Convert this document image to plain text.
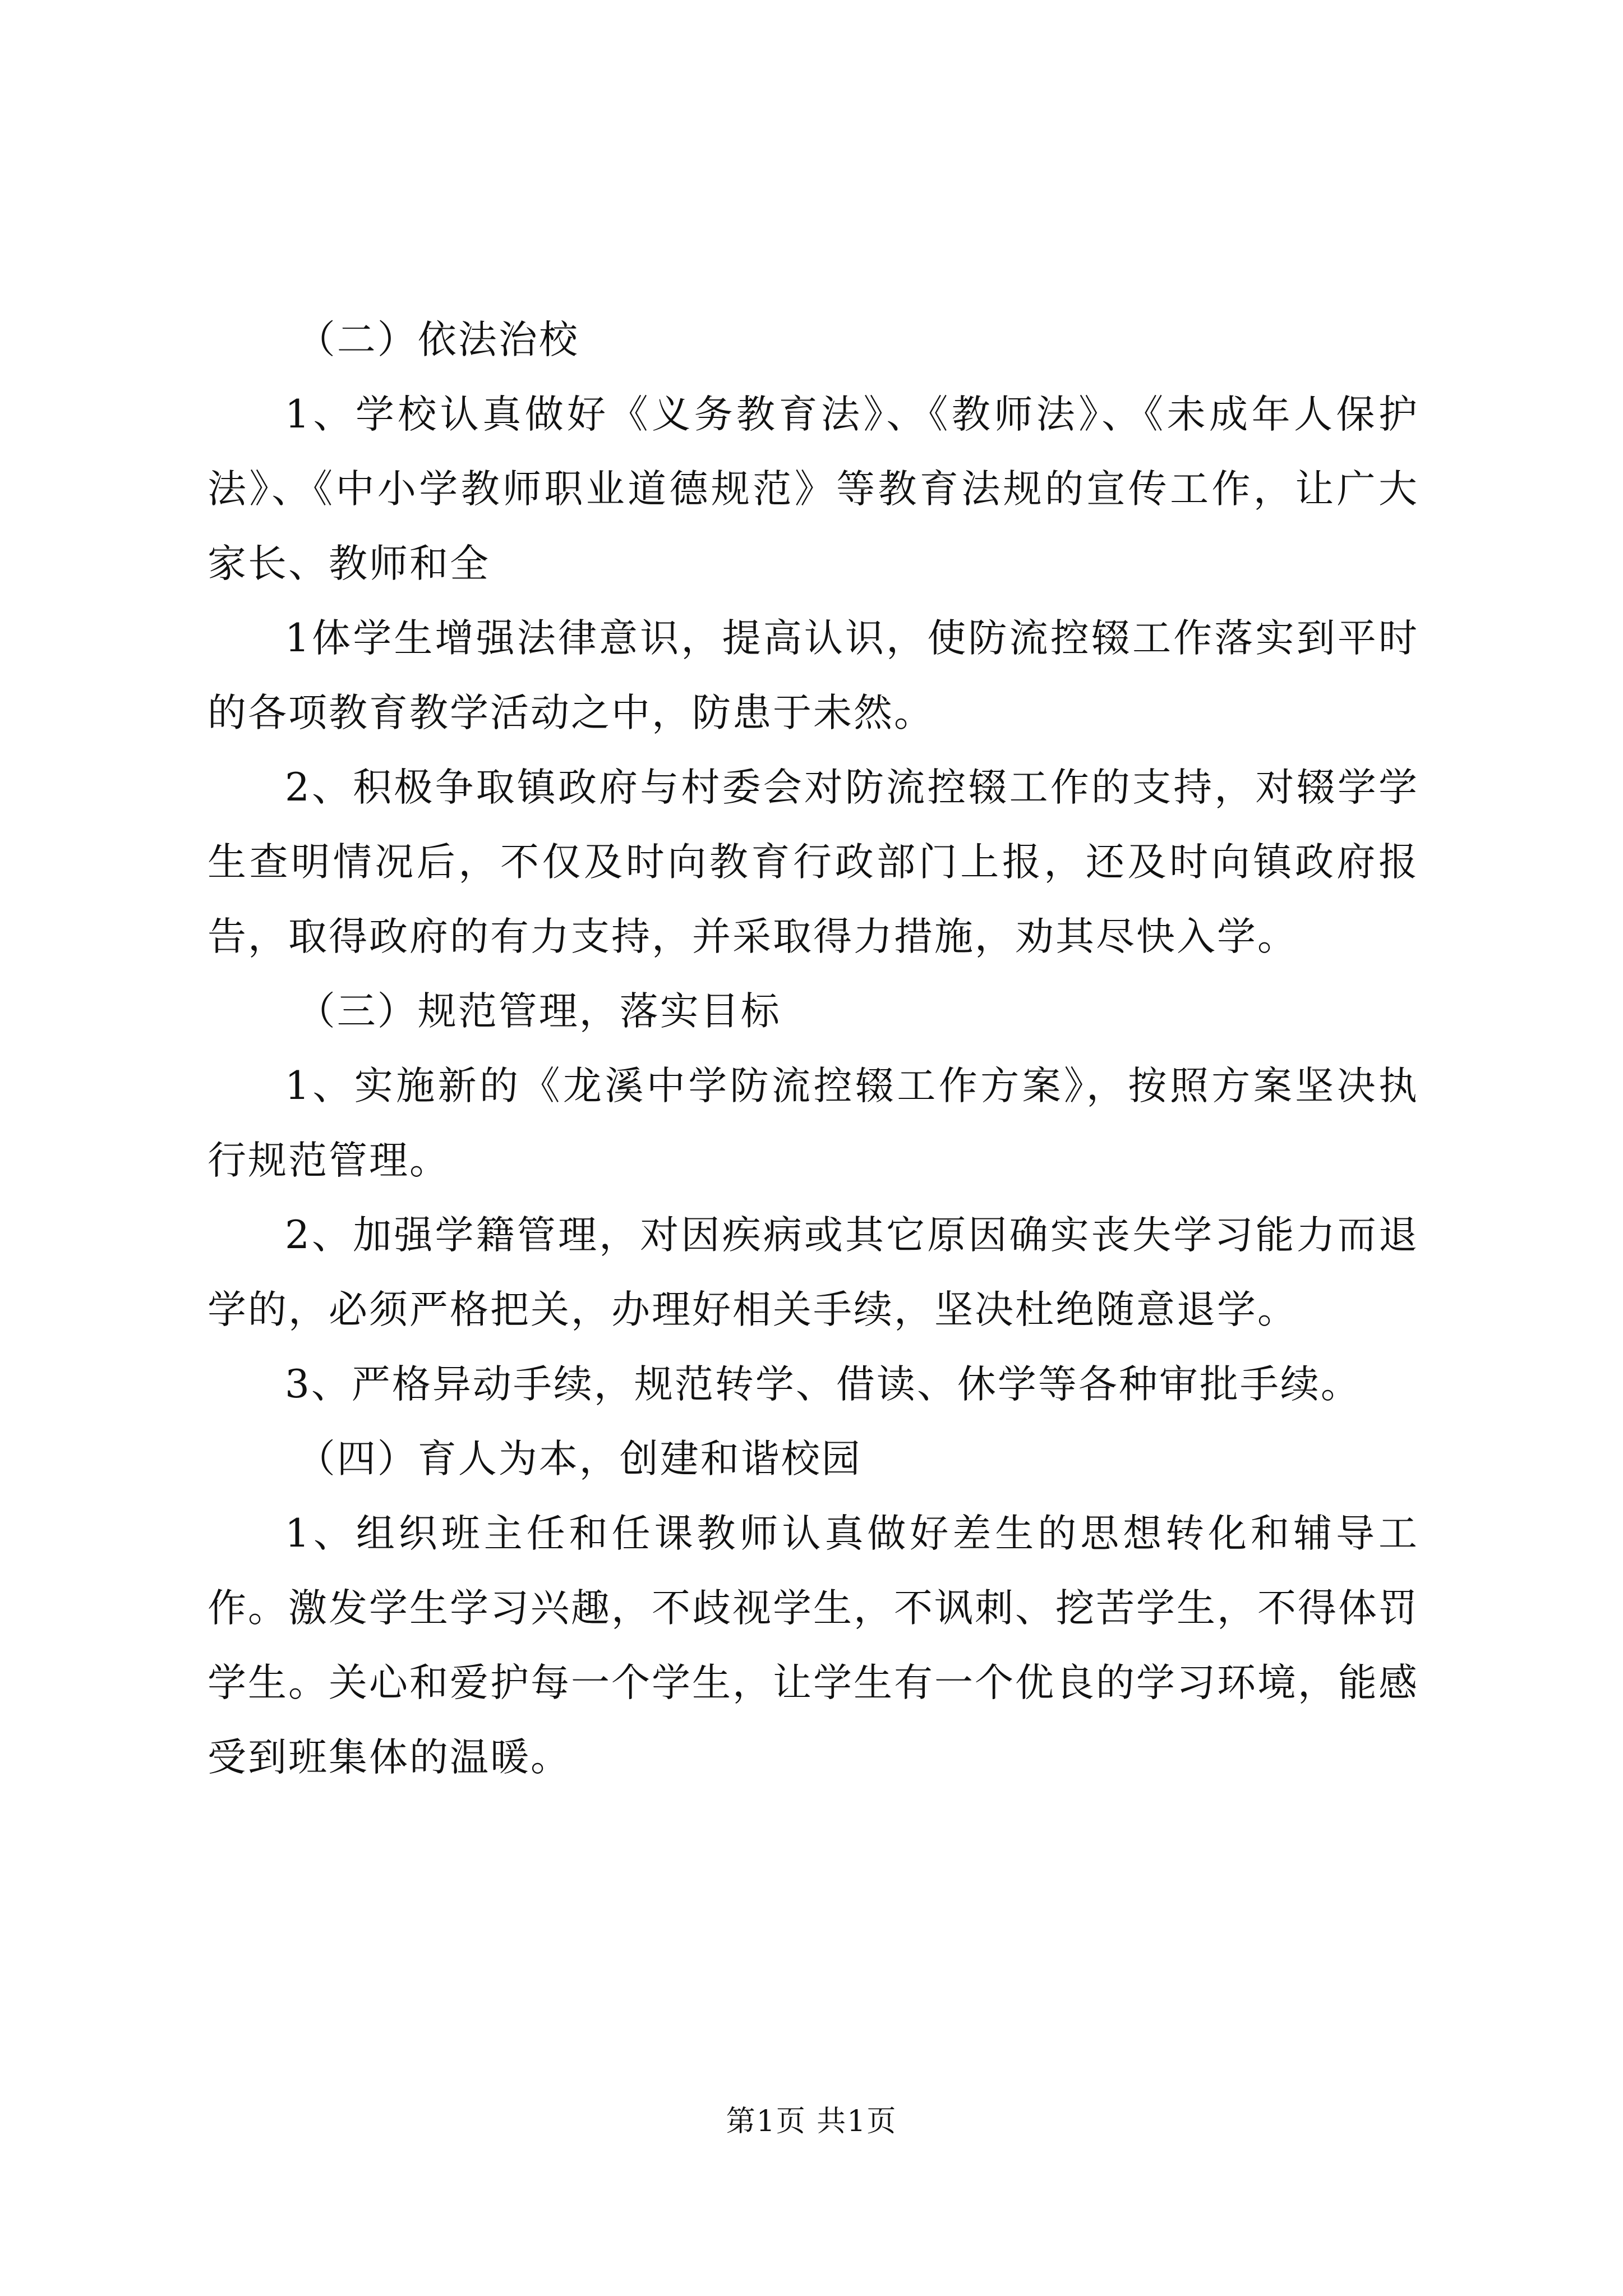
（二）依法治校

1、学校认真做好《义务教育法》、《教师法》、《未成年人保护法》、《中小学教师职业道德规范》等教育法规的宣传工作，让广大家长、教师和全

1体学生增强法律意识，提高认识，使防流控辍工作落实到平时的各项教育教学活动之中，防患于未然。

2、积极争取镇政府与村委会对防流控辍工作的支持，对辍学学生查明情况后，不仅及时向教育行政部门上报，还及时向镇政府报告，取得政府的有力支持，并采取得力措施，劝其尽快入学。

（三）规范管理，落实目标

1、实施新的《龙溪中学防流控辍工作方案》，按照方案坚决执行规范管理。

2、加强学籍管理，对因疾病或其它原因确实丧失学习能力而退学的，必须严格把关，办理好相关手续，坚决杜绝随意退学。

3、严格异动手续，规范转学、借读、休学等各种审批手续。

（四）育人为本，创建和谐校园

1、组织班主任和任课教师认真做好差生的思想转化和辅导工作。激发学生学习兴趣，不歧视学生，不讽刺、挖苦学生，不得体罚学生。关心和爱护每一个学生，让学生有一个优良的学习环境，能感受到班集体的温暖。

第1页 共1页
